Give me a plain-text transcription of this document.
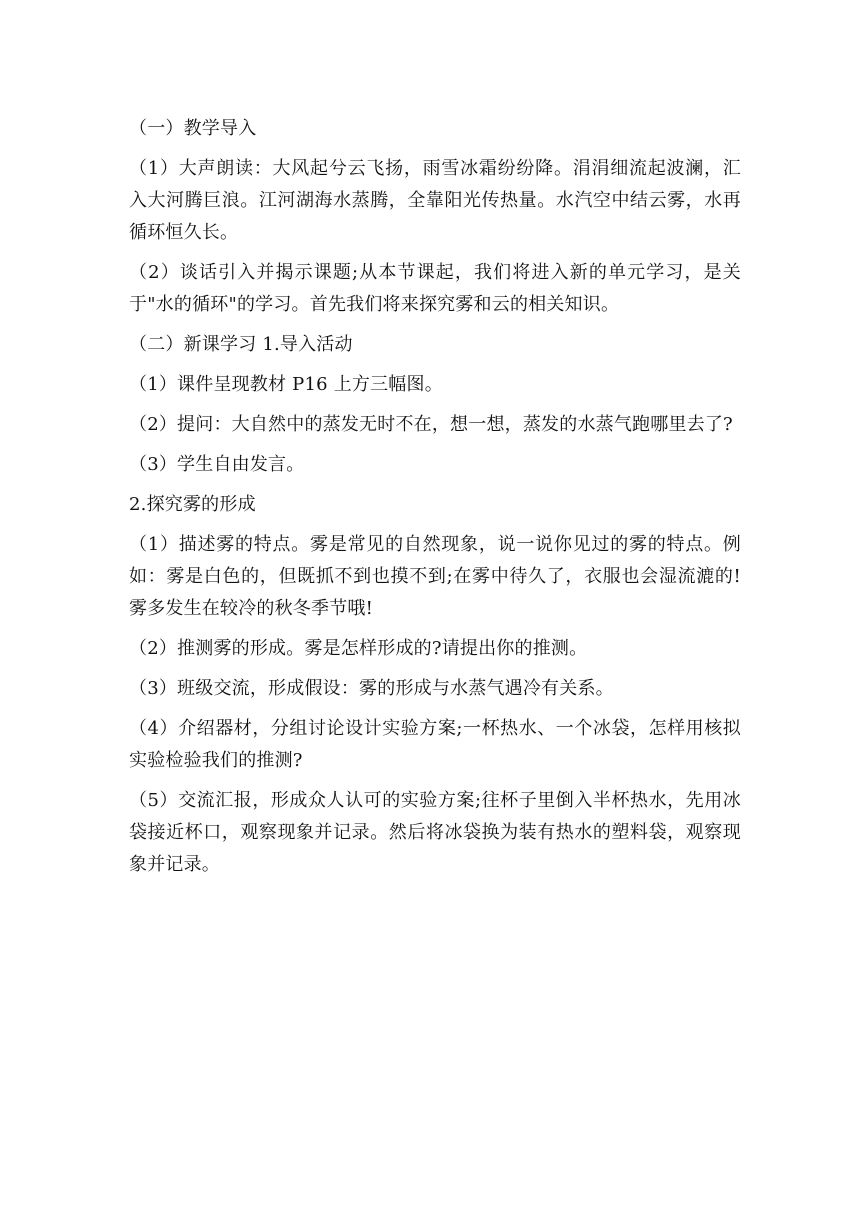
（一）教学导入

（1）大声朗读：大风起兮云飞扬，雨雪冰霜纷纷降。涓涓细流起波澜，汇入大河腾巨浪。江河湖海水蒸腾，全靠阳光传热量。水汽空中结云雾，水再循环恒久长。

（2）谈话引入并揭示课题;从本节课起，我们将进入新的单元学习，是关于"水的循环"的学习。首先我们将来探究雾和云的相关知识。

（二）新课学习 1.导入活动

（1）课件呈现教材 P16 上方三幅图。

（2）提问：大自然中的蒸发无时不在，想一想，蒸发的水蒸气跑哪里去了?

（3）学生自由发言。

2.探究雾的形成

（1）描述雾的特点。雾是常见的自然现象，说一说你见过的雾的特点。例如：雾是白色的，但既抓不到也摸不到;在雾中待久了，衣服也会湿流漉的!雾多发生在较冷的秋冬季节哦!

（2）推测雾的形成。雾是怎样形成的?请提出你的推测。

（3）班级交流，形成假设：雾的形成与水蒸气遇冷有关系。

（4）介绍器材，分组讨论设计实验方案;一杯热水、一个冰袋，怎样用核拟实验检验我们的推测?

（5）交流汇报，形成众人认可的实验方案;往杯子里倒入半杯热水，先用冰袋接近杯口，观察现象并记录。然后将冰袋换为装有热水的塑料袋，观察现象并记录。
